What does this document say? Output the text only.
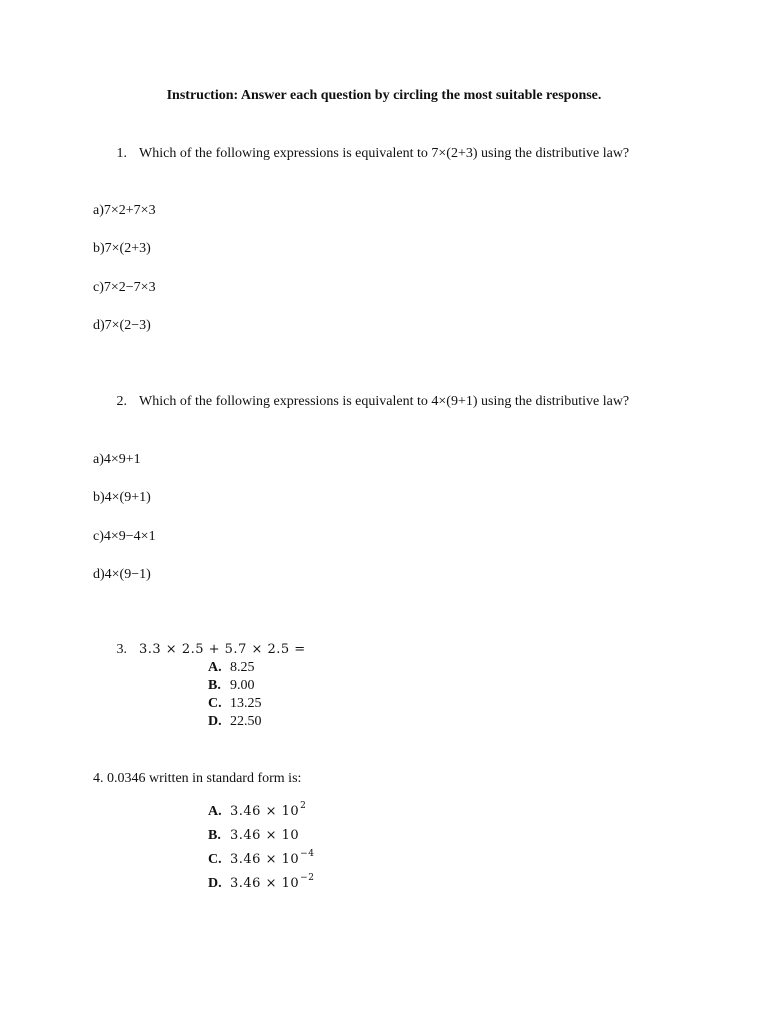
Instruction: Answer each question by circling the most suitable response.
1. Which of the following expressions is equivalent to 7×(2+3) using the distributive law?
a)7×2+7×3
b)7×(2+3)
c)7×2−7×3
d)7×(2−3)
2. Which of the following expressions is equivalent to 4×(9+1) using the distributive law?
a)4×9+1
b)4×(9+1)
c)4×9−4×1
d)4×(9−1)
3. 3.3 × 2.5 + 5.7 × 2.5 =
A. 8.25
B. 9.00
C. 13.25
D. 22.50
4. 0.0346 written in standard form is:
A. $3.46 \times 10^2$
B. 3.46 × 10
C. $3.46 \times 10^{-4}$
D. $3.46 \times 10^{-2}$
